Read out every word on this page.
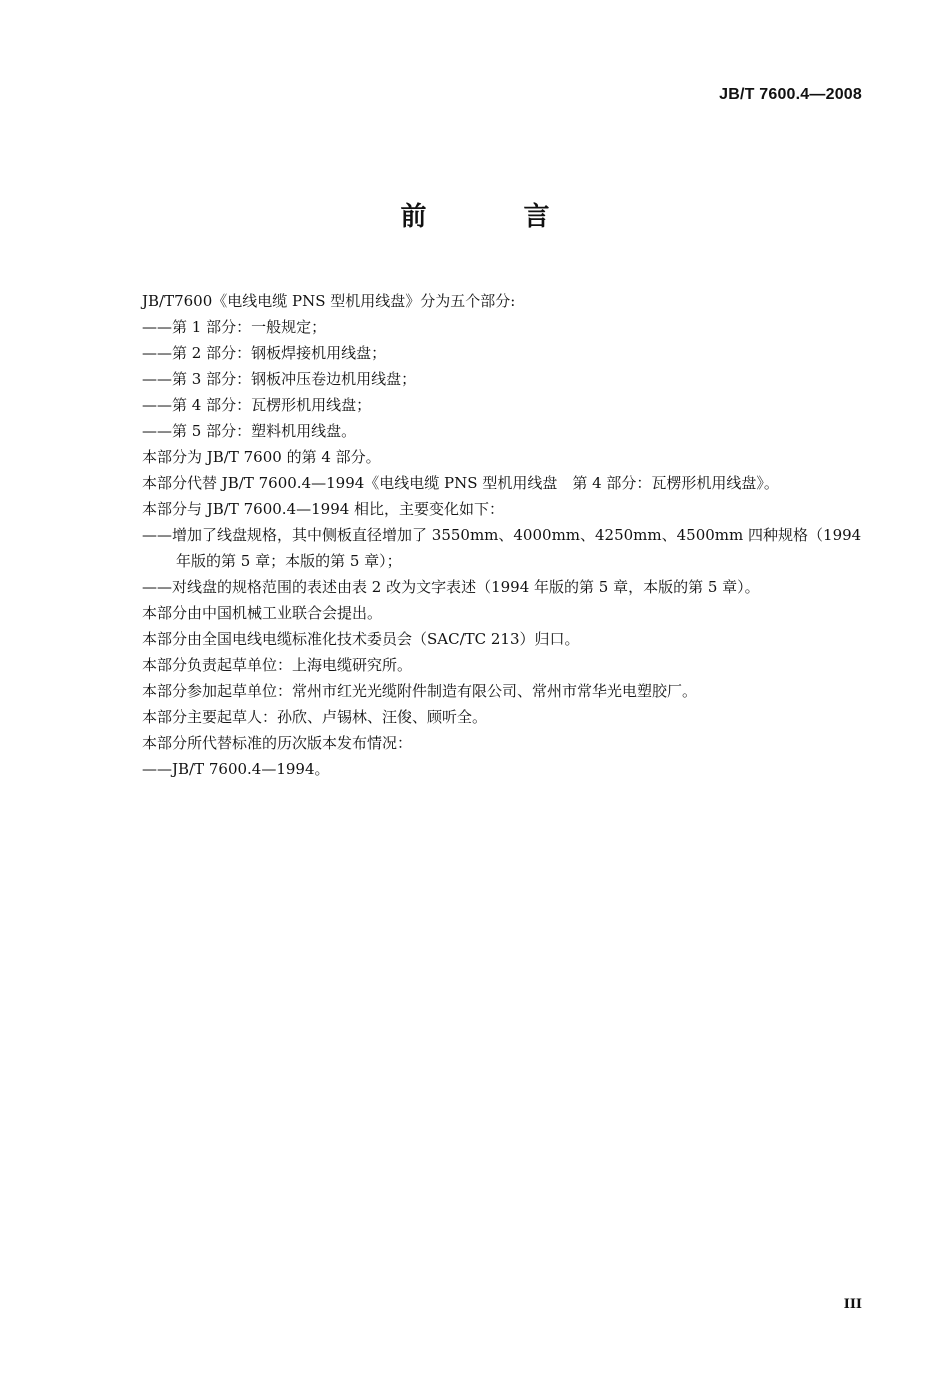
JB/T 7600.4—2008
前 言
JB/T7600《电线电缆 PNS 型机用线盘》分为五个部分:
——第 1 部分：一般规定；
——第 2 部分：钢板焊接机用线盘；
——第 3 部分：钢板冲压卷边机用线盘；
——第 4 部分：瓦楞形机用线盘；
——第 5 部分：塑料机用线盘。
本部分为 JB/T 7600 的第 4 部分。
本部分代替 JB/T 7600.4—1994《电线电缆 PNS 型机用线盘　第 4 部分：瓦楞形机用线盘》。
本部分与 JB/T 7600.4—1994 相比，主要变化如下：
——增加了线盘规格，其中侧板直径增加了 3550mm、4000mm、4250mm、4500mm 四种规格（1994 年版的第 5 章；本版的第 5 章）；
——对线盘的规格范围的表述由表 2 改为文字表述（1994 年版的第 5 章，本版的第 5 章）。
本部分由中国机械工业联合会提出。
本部分由全国电线电缆标准化技术委员会（SAC/TC 213）归口。
本部分负责起草单位：上海电缆研究所。
本部分参加起草单位：常州市红光光缆附件制造有限公司、常州市常华光电塑胶厂。
本部分主要起草人：孙欣、卢锡林、汪俊、顾听全。
本部分所代替标准的历次版本发布情况：
——JB/T 7600.4—1994。
III
